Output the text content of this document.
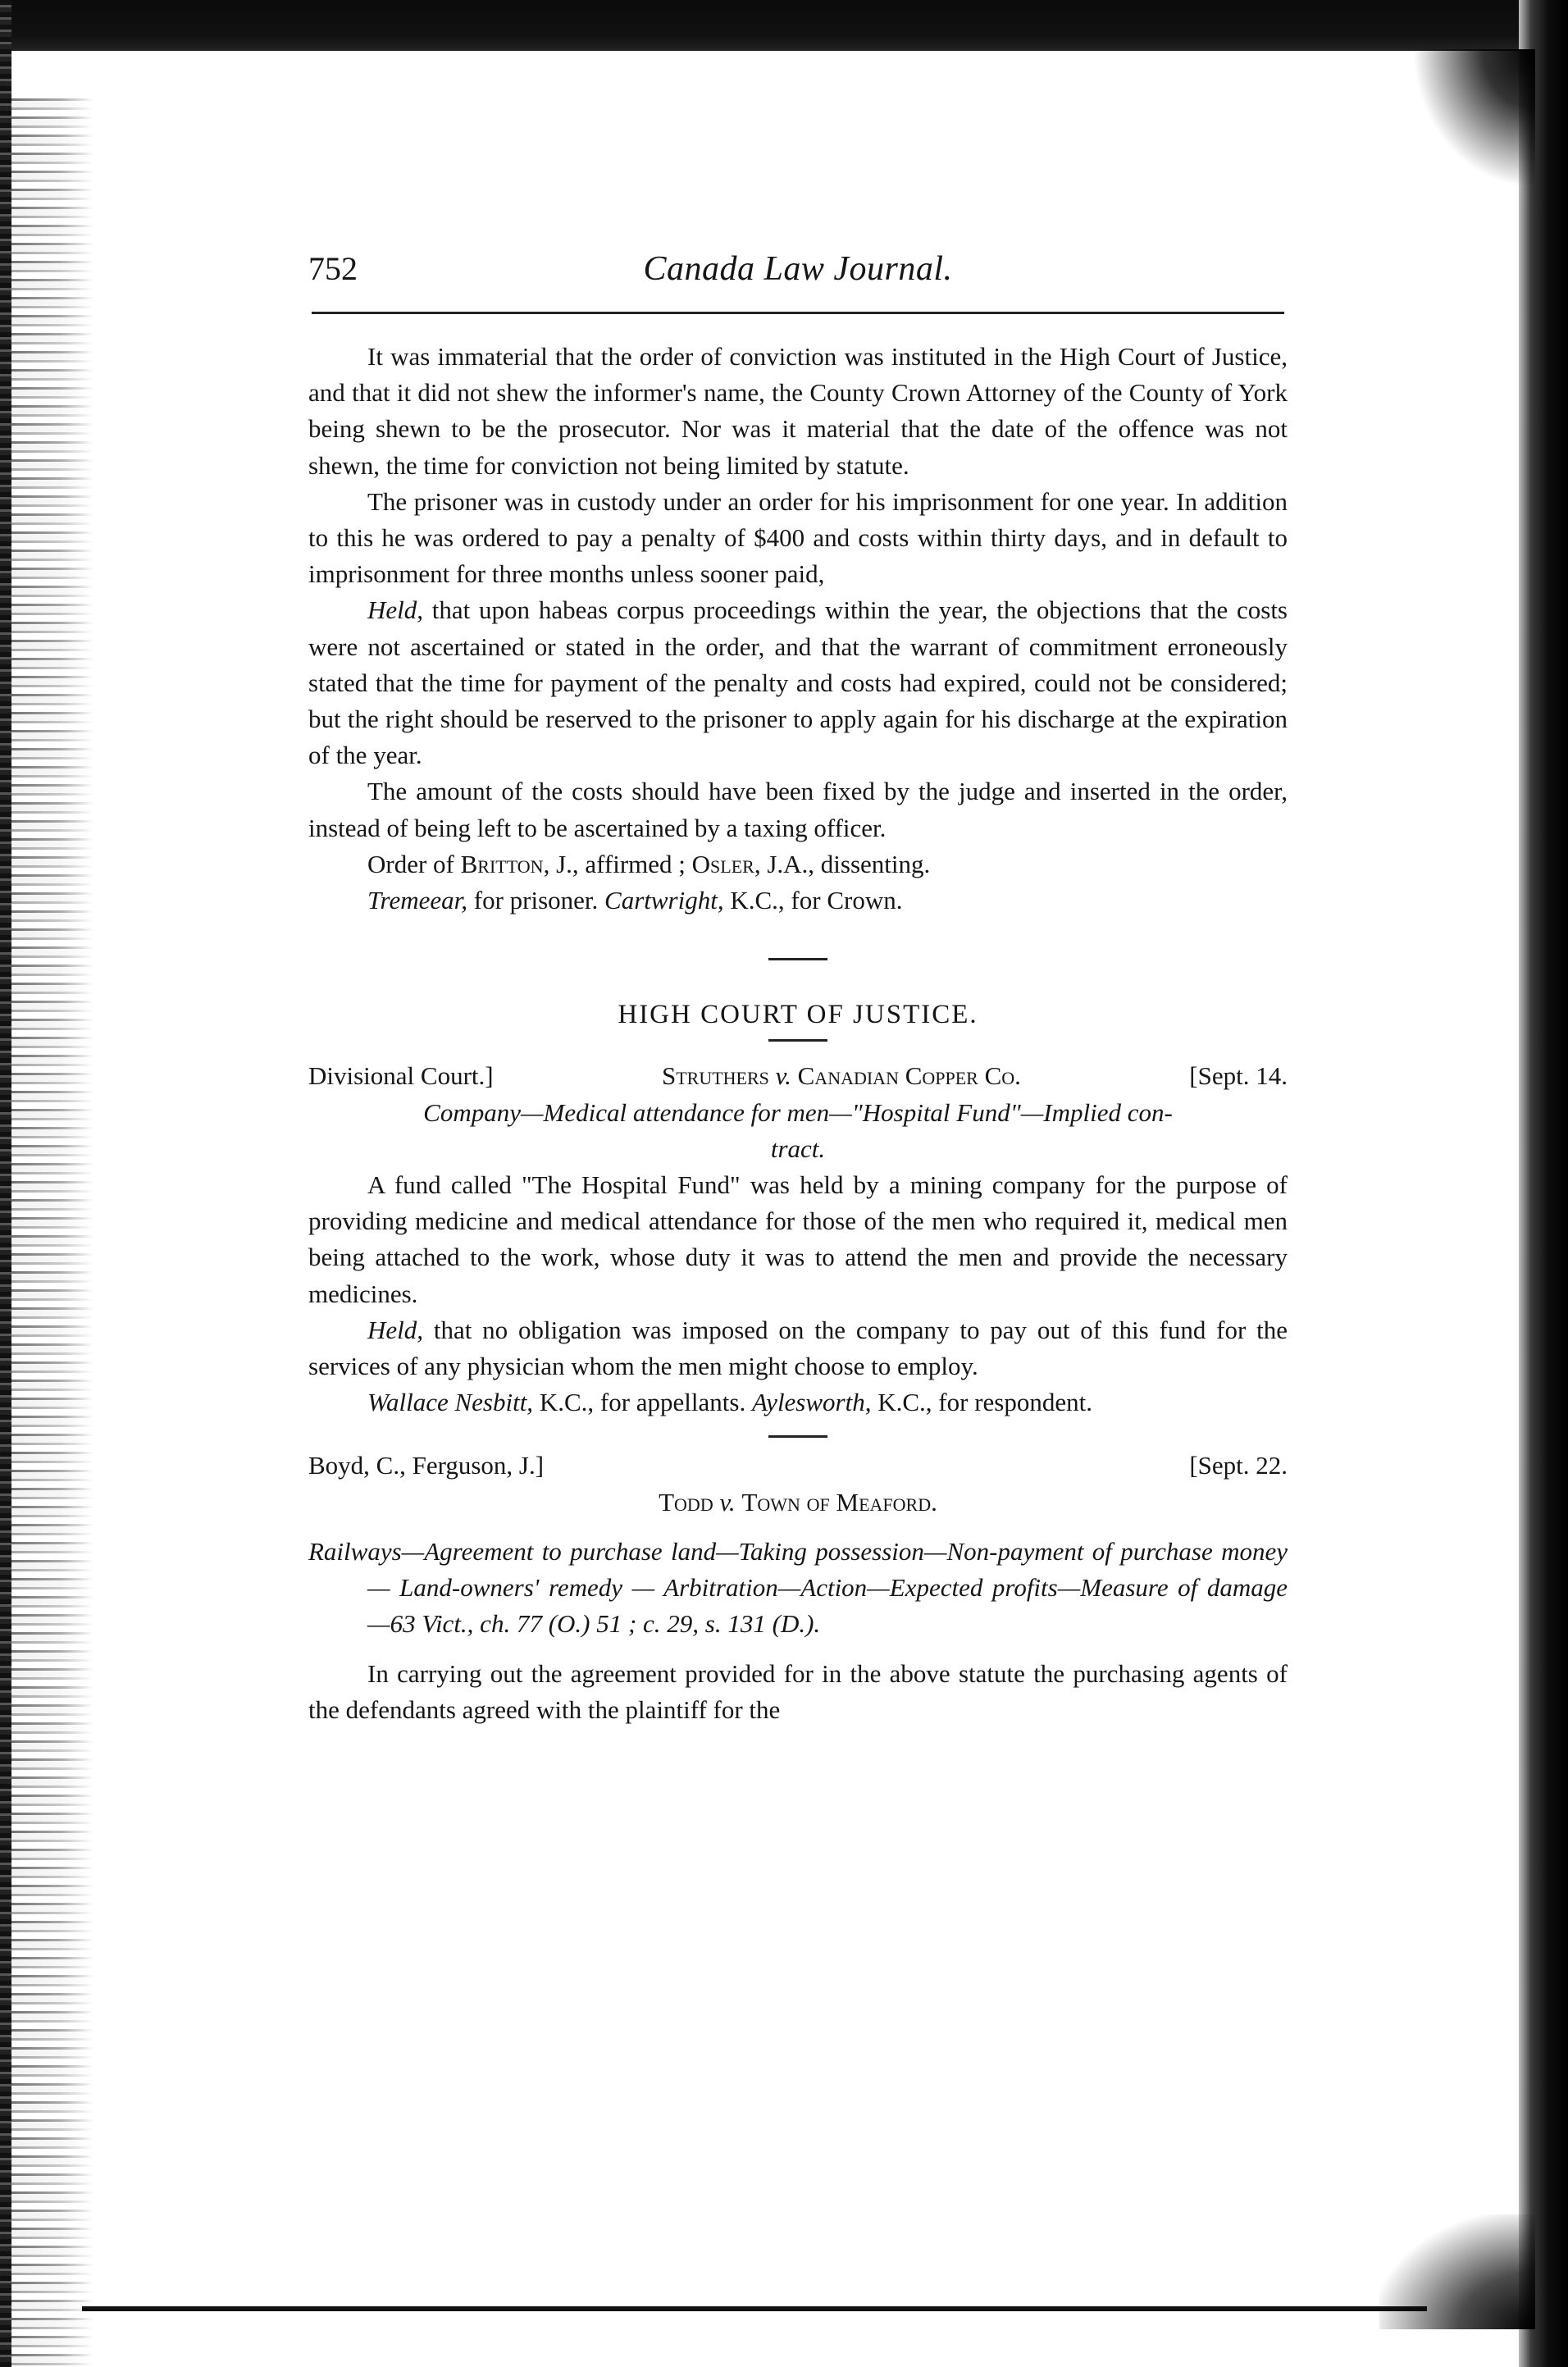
752	Canada Law Journal.

It was immaterial that the order of conviction was instituted in the High Court of Justice, and that it did not shew the informer's name, the County Crown Attorney of the County of York being shewn to be the prosecutor. Nor was it material that the date of the offence was not shewn, the time for conviction not being limited by statute.

The prisoner was in custody under an order for his imprisonment for one year. In addition to this he was ordered to pay a penalty of $400 and costs within thirty days, and in default to imprisonment for three months unless sooner paid,

Held, that upon habeas corpus proceedings within the year, the objections that the costs were not ascertained or stated in the order, and that the warrant of commitment erroneously stated that the time for payment of the penalty and costs had expired, could not be considered; but the right should be reserved to the prisoner to apply again for his discharge at the expiration of the year.

The amount of the costs should have been fixed by the judge and inserted in the order, instead of being left to be ascertained by a taxing officer.

Order of Britton, J., affirmed ; Osler, J.A., dissenting.

Tremeear, for prisoner. Cartwright, K.C., for Crown.

HIGH COURT OF JUSTICE.

Divisional Court.]	Struthers v. Canadian Copper Co.	[Sept. 14.

Company—Medical attendance for men—"Hospital Fund"—Implied con-

tract.

A fund called "The Hospital Fund" was held by a mining company for the purpose of providing medicine and medical attendance for those of the men who required it, medical men being attached to the work, whose duty it was to attend the men and provide the necessary medicines.

Held, that no obligation was imposed on the company to pay out of this fund for the services of any physician whom the men might choose to employ.

Wallace Nesbitt, K.C., for appellants. Aylesworth, K.C., for respondent.

Boyd, C., Ferguson, J.]	[Sept. 22.

Todd v. Town of Meaford.

Railways—Agreement to purchase land—Taking possession—Non-payment of purchase money — Land-owners' remedy — Arbitration—Action—Expected profits—Measure of damage—63 Vict., ch. 77 (O.) 51 ; c. 29, s. 131 (D.).

In carrying out the agreement provided for in the above statute the purchasing agents of the defendants agreed with the plaintiff for the
